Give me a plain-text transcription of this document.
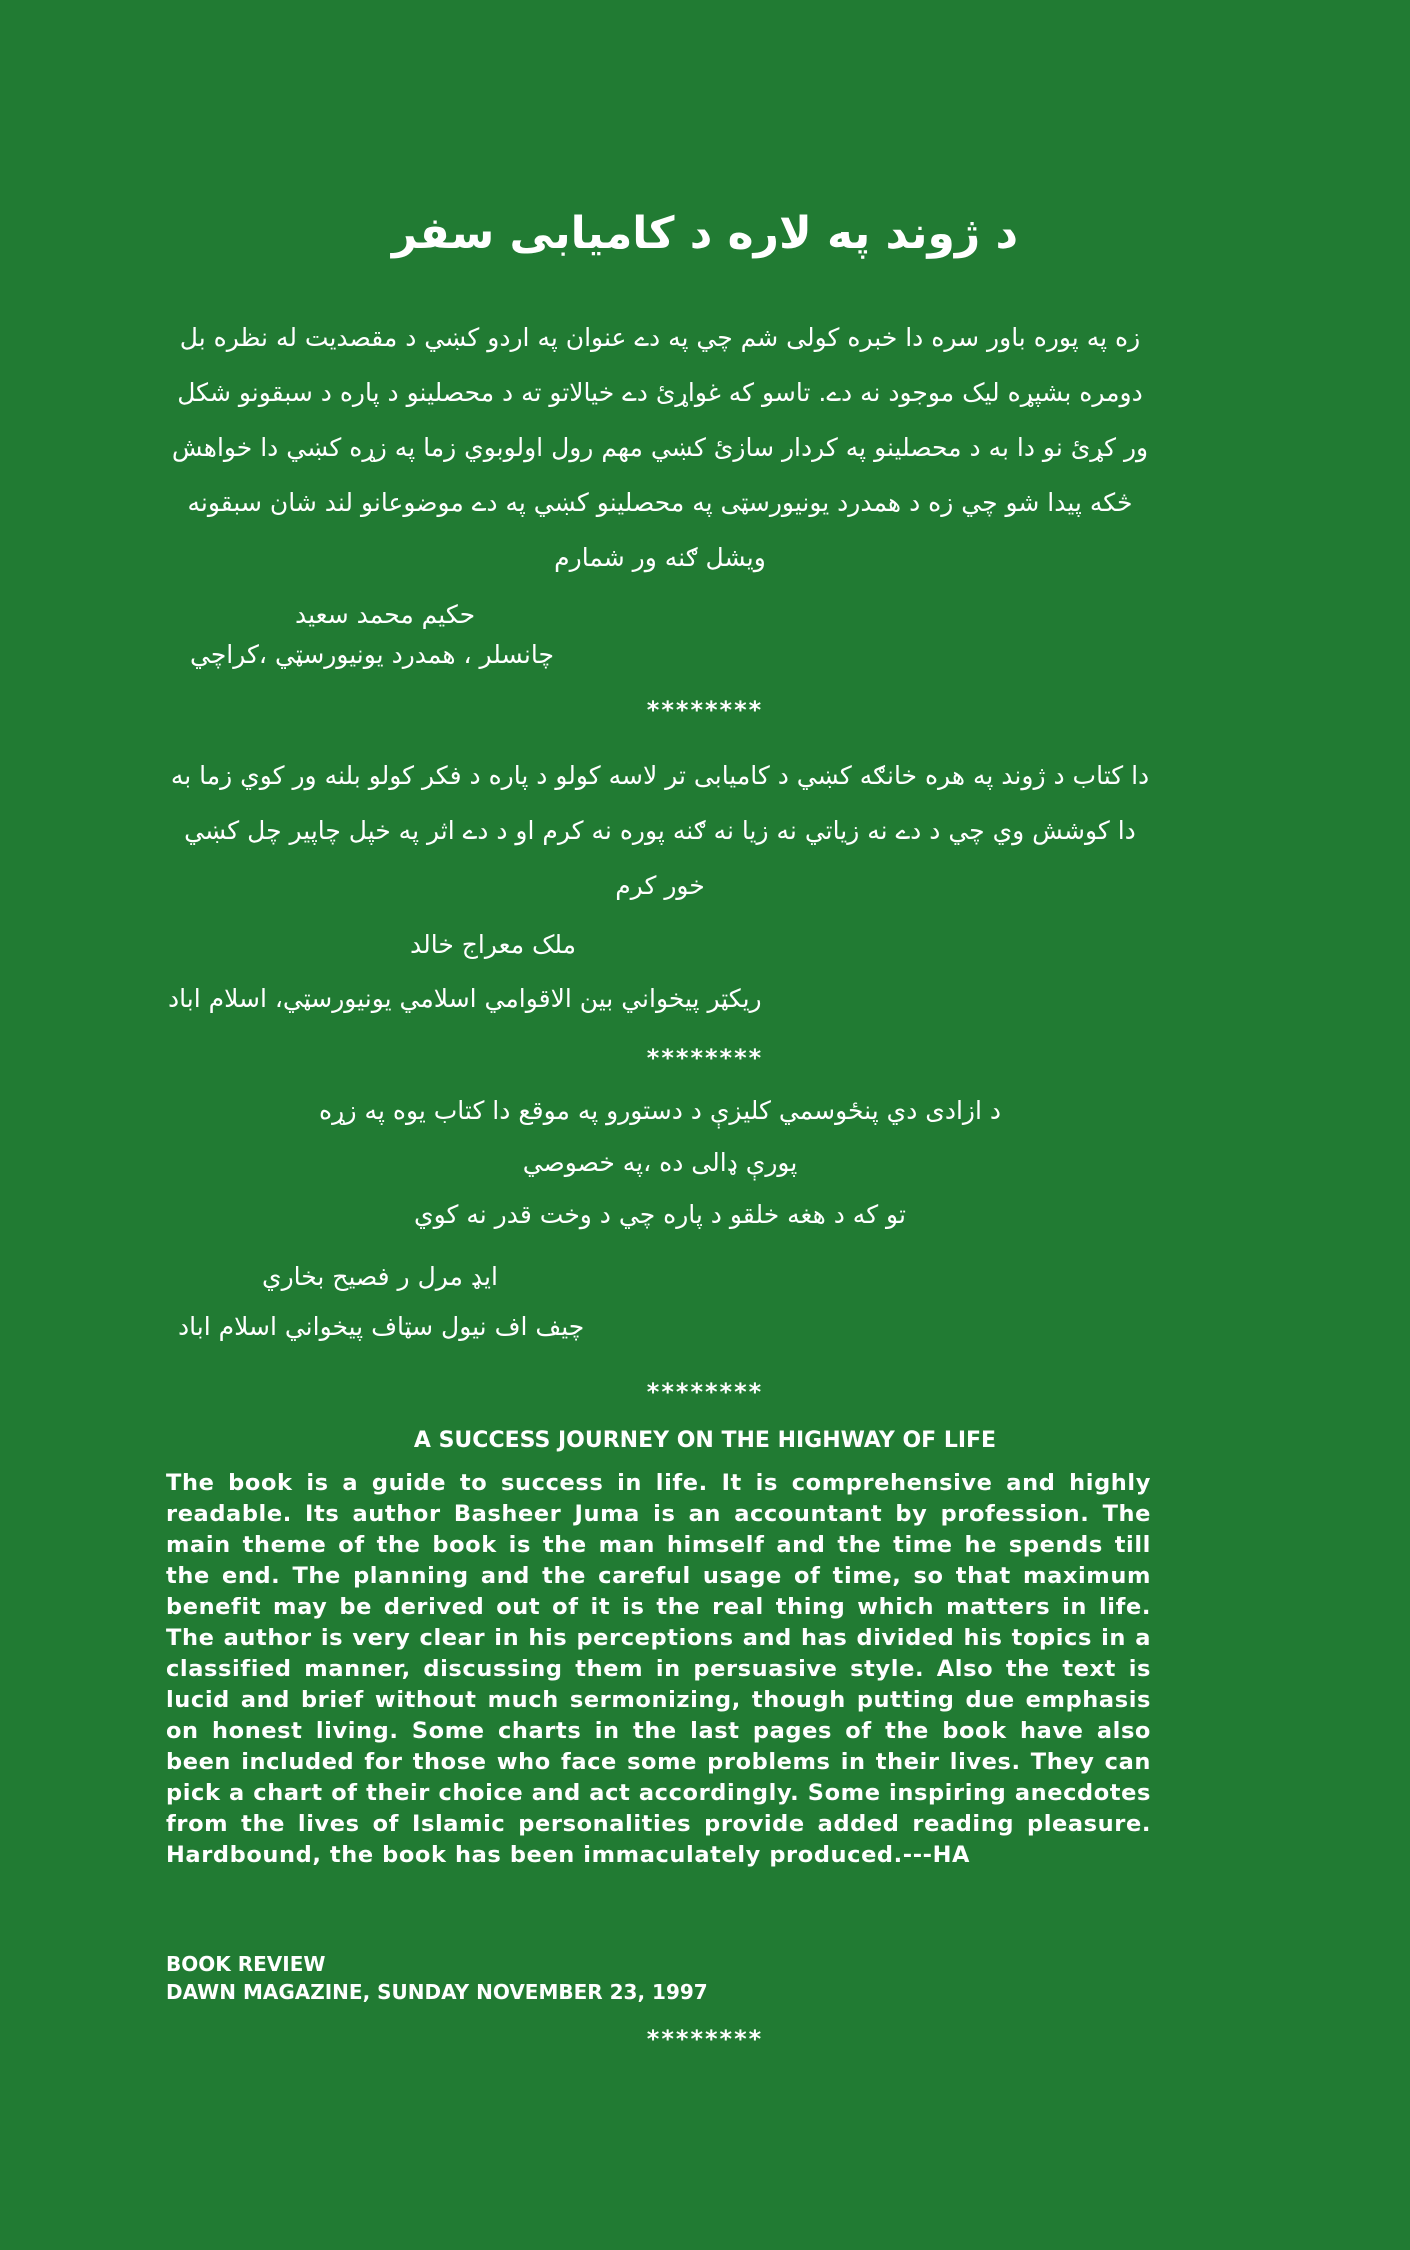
د ژوند په لاره د کامیابی سفر
زه په پوره باور سره دا خبره کولی شم چي په دے عنوان په اردو کښي د مقصدیت له نظره بل دومره بشپړه لیک موجود نه دے. تاسو که غواړئ دے خیالاتو ته د محصلینو د پاره د سبقونو شکل ور کړئ نو دا به د محصلینو په کردار سازئ کښي مهم رول اولوبوي زما په زړه کښي دا خواهش څکه پیدا شو چي زه د همدرد یونیورسټی په محصلینو کښي په دے موضوعانو لند شان سبقونه ویشل ګنه ور شمارم
حکیم محمد سعید
چانسلر ، همدرد یونیورسټي ،کراچي
********
دا کتاب د ژوند په هره خانګه کښي د کامیابی تر لاسه کولو د پاره د فکر کولو بلنه ور کوي زما به دا کوشش وي چي د دے نه زیاتي نه زیا نه ګنه پوره نه کرم او د دے اثر په خپل چاپیر چل کښي خور کرم
ملک معراج خالد
ریکټر پیخواني بین الاقوامي اسلامي یونیورسټي، اسلام اباد
********
د ازادی دي پنځوسمي کلیزې د دستورو په موقع دا کتاب یوه په زړه
پورې ډالی ده ،په خصوصي
تو که د هغه خلقو د پاره چي د وخت قدر نه کوي
ایډ مرل ر فصیح بخاري
چیف اف نیول سټاف پیخواني اسلام اباد
********
A SUCCESS JOURNEY ON THE HIGHWAY OF LIFE
The book is a guide to success in life. It is comprehensive and highly readable. Its author Basheer Juma is an accountant by profession. The main theme of the book is the man himself and the time he spends till the end. The planning and the careful usage of time, so that maximum benefit may be derived out of it is the real thing which matters in life. The author is very clear in his perceptions and has divided his topics in a classified manner, discussing them in persuasive style. Also the text is lucid and brief without much sermonizing, though putting due emphasis on honest living. Some charts in the last pages of the book have also been included for those who face some problems in their lives. They can pick a chart of their choice and act accordingly. Some inspiring anecdotes from the lives of Islamic personalities provide added reading pleasure. Hardbound, the book has been immaculately produced.---HA
BOOK REVIEW
DAWN MAGAZINE, SUNDAY NOVEMBER 23, 1997
********
